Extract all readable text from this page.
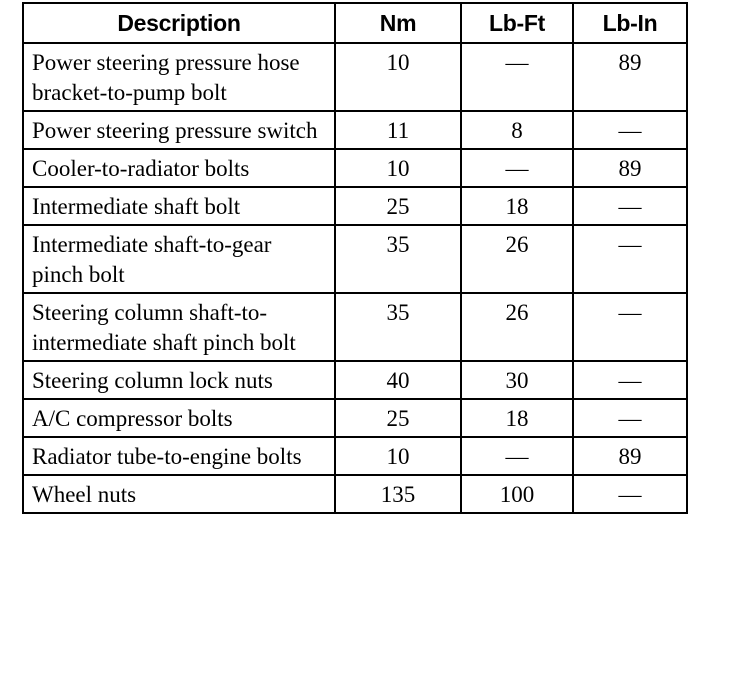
Description	Nm	Lb-Ft	Lb-In
Power steering pressure hose bracket-to-pump bolt	10	—	89
Power steering pressure switch	11	8	—
Cooler-to-radiator bolts	10	—	89
Intermediate shaft bolt	25	18	—
Intermediate shaft-to-gear pinch bolt	35	26	—
Steering column shaft-to-intermediate shaft pinch bolt	35	26	—
Steering column lock nuts	40	30	—
A/C compressor bolts	25	18	—
Radiator tube-to-engine bolts	10	—	89
Wheel nuts	135	100	—
